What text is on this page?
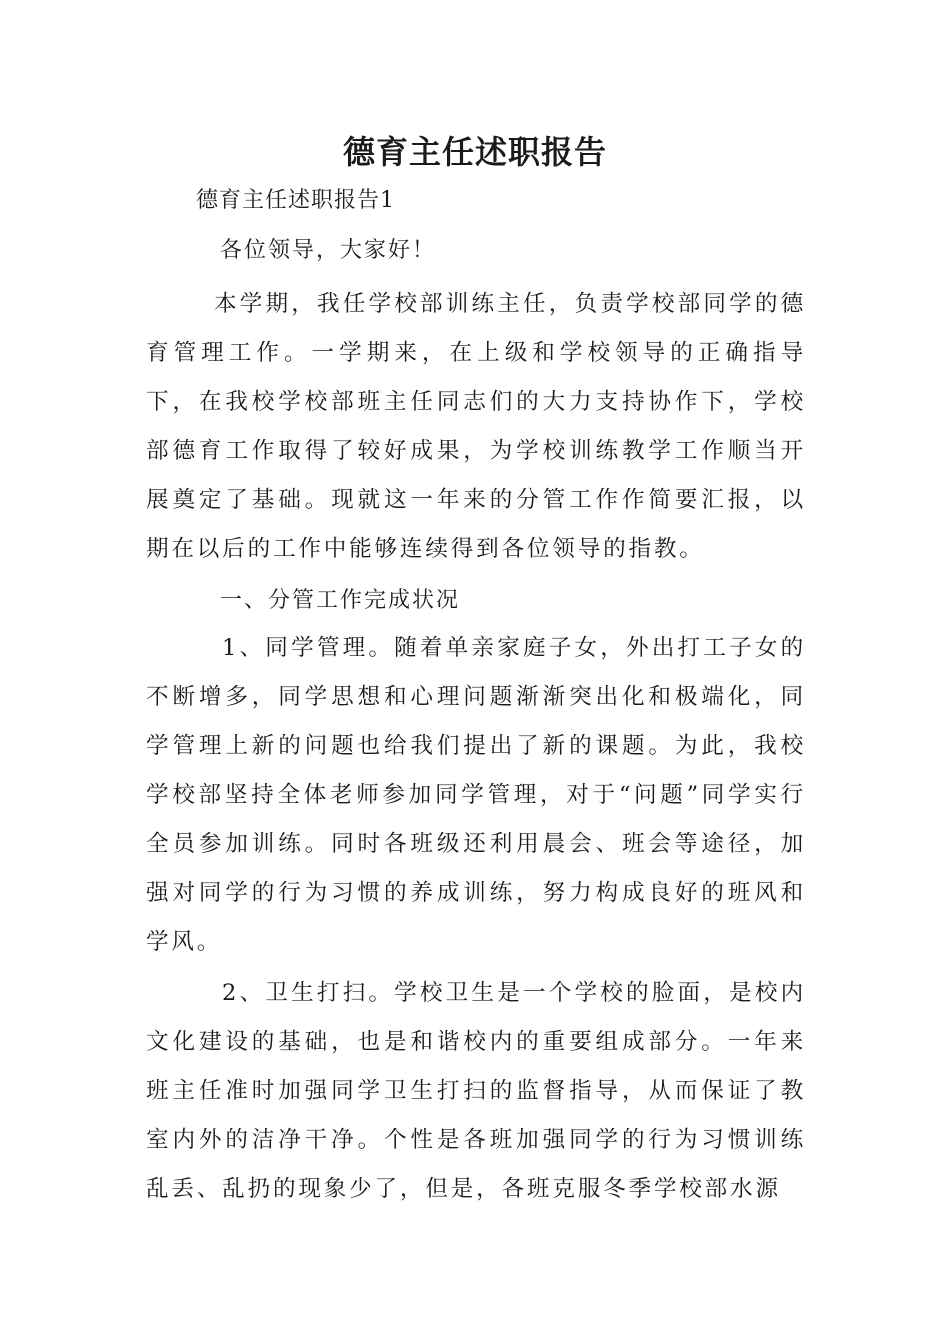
德育主任述职报告

德育主任述职报告1

各位领导，大家好！

本学期，我任学校部训练主任，负责学校部同学的德育管理工作。一学期来，在上级和学校领导的正确指导下，在我校学校部班主任同志们的大力支持协作下，学校部德育工作取得了较好成果，为学校训练教学工作顺当开展奠定了基础。现就这一年来的分管工作作简要汇报，以期在以后的工作中能够连续得到各位领导的指教。

一、分管工作完成状况

1、同学管理。随着单亲家庭子女，外出打工子女的不断增多，同学思想和心理问题渐渐突出化和极端化，同学管理上新的问题也给我们提出了新的课题。为此，我校学校部坚持全体老师参加同学管理，对于“问题”同学实行全员参加训练。同时各班级还利用晨会、班会等途径，加强对同学的行为习惯的养成训练，努力构成良好的班风和学风。

2、卫生打扫。学校卫生是一个学校的脸面，是校内文化建设的基础，也是和谐校内的重要组成部分。一年来班主任准时加强同学卫生打扫的监督指导，从而保证了教室内外的洁净干净。个性是各班加强同学的行为习惯训练乱丢、乱扔的现象少了，但是，各班克服冬季学校部水源
